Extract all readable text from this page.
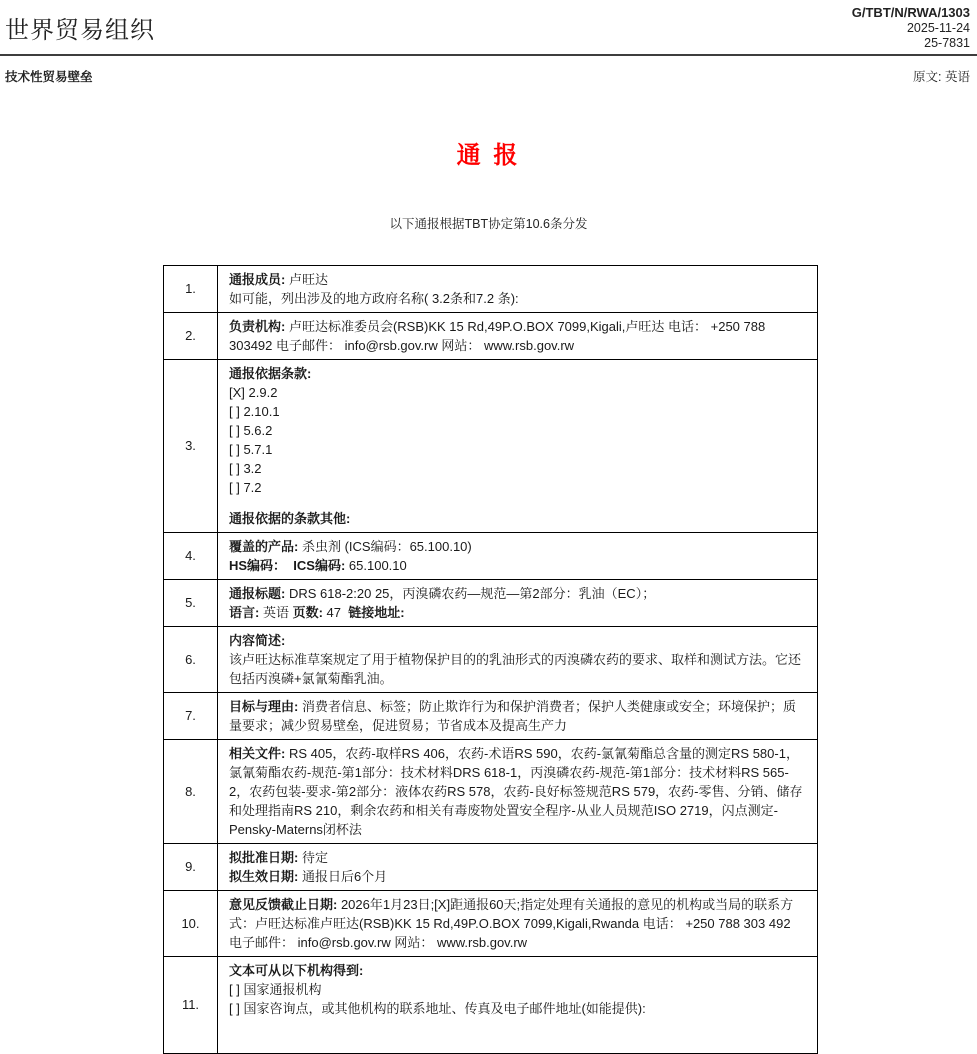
世界贸易组织
G/TBT/N/RWA/1303
2025-11-24
25-7831
技术性贸易壁垒	原文: 英语
通 报
以下通报根据TBT协定第10.6条分发
1.	通报成员: 卢旺达
如可能，列出涉及的地方政府名称( 3.2条和7.2 条):

2.	负责机构: 卢旺达标准委员会(RSB)KK 15 Rd,49P.O.BOX 7099,Kigali,卢旺达 电话： +250 788 303492 电子邮件： info@rsb.gov.rw 网站： www.rsb.gov.rw

3.	
通报依据条款:
[X] 2.9.2
[ ] 2.10.1
[ ] 5.6.2
[ ] 5.7.1
[ ] 3.2
[ ] 7.2
通报依据的条款其他:

4.	覆盖的产品: 杀虫剂 (ICS编码：65.100.10)
HS编码： ICS编码: 65.100.10

5.	通报标题: DRS 618-2:20 25，丙溴磷农药—规范—第2部分：乳油（EC）；
语言: 英语 页数: 47  链接地址:

6.	内容简述:
该卢旺达标准草案规定了用于植物保护目的的乳油形式的丙溴磷农药的要求、取样和测试方法。它还包括丙溴磷+氯氰菊酯乳油。

7.	目标与理由: 消费者信息、标签；防止欺诈行为和保护消费者；保护人类健康或安全；环境保护；质量要求；减少贸易壁垒，促进贸易；节省成本及提高生产力

8.	相关文件: RS 405，农药-取样RS 406，农药-术语RS 590，农药-氯氰菊酯总含量的测定RS 580-1，氯氰菊酯农药-规范-第1部分：技术材料DRS 618-1，丙溴磷农药-规范-第1部分：技术材料RS 565-2，农药包装-要求-第2部分：液体农药RS 578，农药-良好标签规范RS 579，农药-零售、分销、储存和处理指南RS 210，剩余农药和相关有毒废物处置安全程序-从业人员规范ISO 2719，闪点测定-Pensky-Materns闭杯法

9.	拟批准日期: 待定
拟生效日期: 通报日后6个月

10.	意见反馈截止日期: 2026年1月23日;[X]距通报60天;指定处理有关通报的意见的机构或当局的联系方式：卢旺达标准卢旺达(RSB)KK 15 Rd,49P.O.BOX 7099,Kigali,Rwanda 电话： +250 788 303 492 电子邮件： info@rsb.gov.rw 网站： www.rsb.gov.rw

11.	文本可从以下机构得到:
[ ] 国家通报机构
[ ] 国家咨询点，或其他机构的联系地址、传真及电子邮件地址(如能提供):
